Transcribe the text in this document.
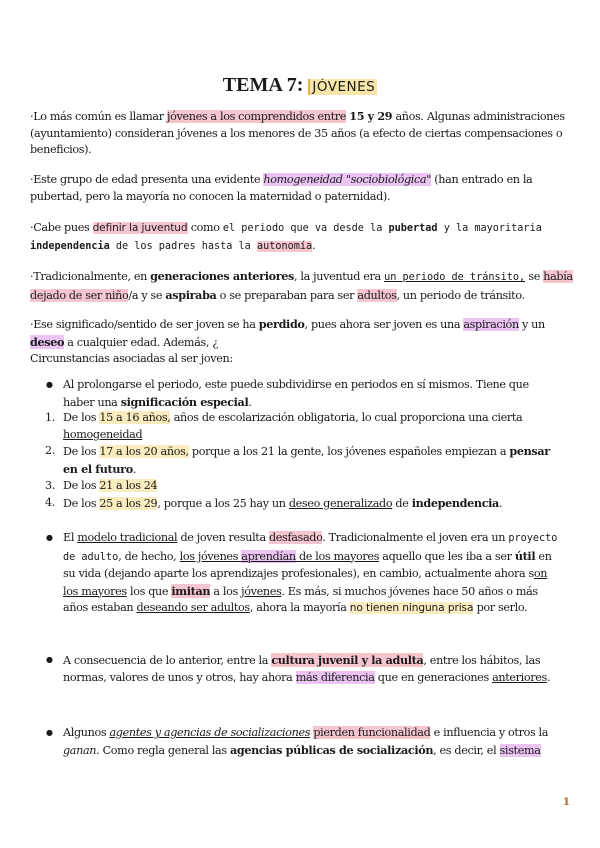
TEMA 7: JÓVENES
·Lo más común es llamar jóvenes a los comprendidos entre 15 y 29 años. Algunas administraciones (ayuntamiento) consideran jóvenes a los menores de 35 años (a efecto de ciertas compensaciones o beneficios).
·Este grupo de edad presenta una evidente homogeneidad "sociobiológica" (han entrado en la pubertad, pero la mayoría no conocen la maternidad o paternidad).
·Cabe pues definir la juventud como el periodo que va desde la pubertad y la mayoritaria independencia de los padres hasta la autonomía.
·Tradicionalmente, en generaciones anteriores, la juventud era un periodo de tránsito, se había dejado de ser niño/a y se aspiraba o se preparaban para ser adultos, un periodo de tránsito.
·Ese significado/sentido de ser joven se ha perdido, pues ahora ser joven es una aspiración y un deseo a cualquier edad. Además, ¿
Circunstancias asociadas al ser joven:
● Al prolongarse el periodo, este puede subdividirse en periodos en sí mismos. Tiene que haber una significación especial.
1. De los 15 a 16 años, años de escolarización obligatoria, lo cual proporciona una cierta homogeneidad
2. De los 17 a los 20 años, porque a los 21 la gente, los jóvenes españoles empiezan a pensar en el futuro.
3. De los 21 a los 24
4. De los 25 a los 29, porque a los 25 hay un deseo generalizado de independencia.
● El modelo tradicional de joven resulta desfasado. Tradicionalmente el joven era un proyecto de adulto, de hecho, los jóvenes aprendían de los mayores aquello que les iba a ser útil en su vida (dejando aparte los aprendizajes profesionales), en cambio, actualmente ahora son los mayores los que imitan a los jóvenes. Es más, si muchos jóvenes hace 50 años o más años estaban deseando ser adultos, ahora la mayoría no tienen ninguna prisa por serlo.
● A consecuencia de lo anterior, entre la cultura juvenil y la adulta, entre los hábitos, las normas, valores de unos y otros, hay ahora más diferencia que en generaciones anteriores.
● Algunos agentes y agencias de socializaciones pierden funcionalidad e influencia y otros la ganan. Como regla general las agencias públicas de socialización, es decir, el sistema
1
